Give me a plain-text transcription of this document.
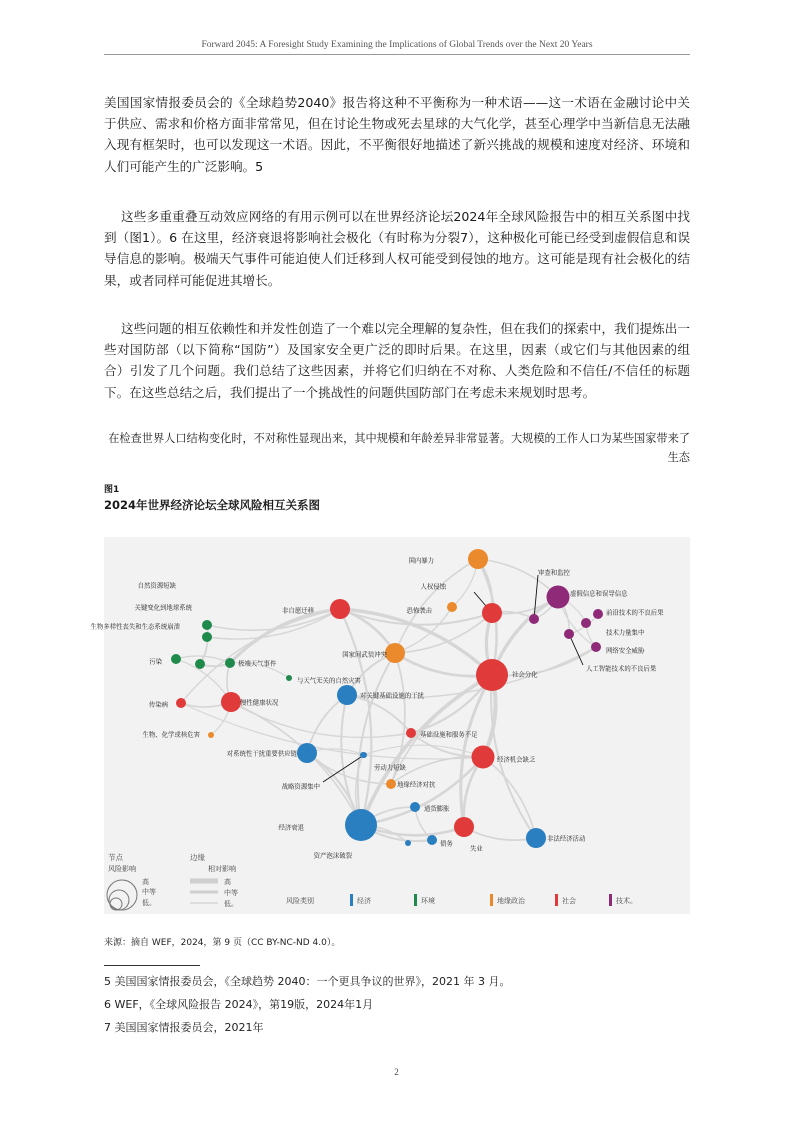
Forward 2045: A Foresight Study Examining the Implications of Global Trends over the Next 20 Years

美国国家情报委员会的《全球趋势2040》报告将这种不平衡称为一种术语——这一术语在金融讨论中关于供应、需求和价格方面非常常见，但在讨论生物或死去星球的大气化学，甚至心理学中当新信息无法融入现有框架时，也可以发现这一术语。因此，不平衡很好地描述了新兴挑战的规模和速度对经济、环境和人们可能产生的广泛影响。5

这些多重重叠互动效应网络的有用示例可以在世界经济论坛2024年全球风险报告中的相互关系图中找到（图1）。6 在这里，经济衰退将影响社会极化（有时称为分裂7），这种极化可能已经受到虚假信息和误导信息的影响。极端天气事件可能迫使人们迁移到人权可能受到侵蚀的地方。这可能是现有社会极化的结果，或者同样可能促进其增长。

这些问题的相互依赖性和并发性创造了一个难以完全理解的复杂性，但在我们的探索中，我们提炼出一些对国防部（以下简称“国防”）及国家安全更广泛的即时后果。在这里，因素（或它们与其他因素的组合）引发了几个问题。我们总结了这些因素，并将它们归纳在不对称、人类危险和不信任/不信任的标题下。在这些总结之后，我们提出了一个挑战性的问题供国防部门在考虑未来规划时思考。

在检查世界人口结构变化时，不对称性显现出来，其中规模和年龄差异非常显著。大规模的工作人口为某些国家带来了生态

图1
2024年世界经济论坛全球风险相互关系图
国内暴力
审查和监控
人权侵蚀
虚假信息和误导信息
自然资源短缺
恐怖袭击
非自愿迁移	前沿技术的不良后果
关键变化到地球系统
技术力量集中
生物多样性丧失和生态系统崩溃
网络安全威胁
国家间武装冲突
污染	极端天气事件
人工智能技术的不良后果
社会分化
与天气无关的自然灾害
对关键基础设施的干扰
传染病	慢性健康状况
生物、化学或核危害	基础设施和服务不足
对系统性干扰重要供应链
经济机会缺乏
劳动力短缺
战略资源集中	地缘经济对抗
通货膨胀
经济衰退
失业
非法经济活动
债务
资产泡沫破裂
节点
风险影响
高
中等
低。
边缘
相对影响
高
中等
低。	风险类别	经济	环境	地缘政治	社会	技术。
来源：摘自 WEF，2024，第 9 页（CC BY-NC-ND 4.0）。
5 美国国家情报委员会，《全球趋势 2040：一个更具争议的世界》，2021 年 3 月。
6 WEF，《全球风险报告 2024》，第19版，2024年1月
7 美国国家情报委员会，2021年
2
